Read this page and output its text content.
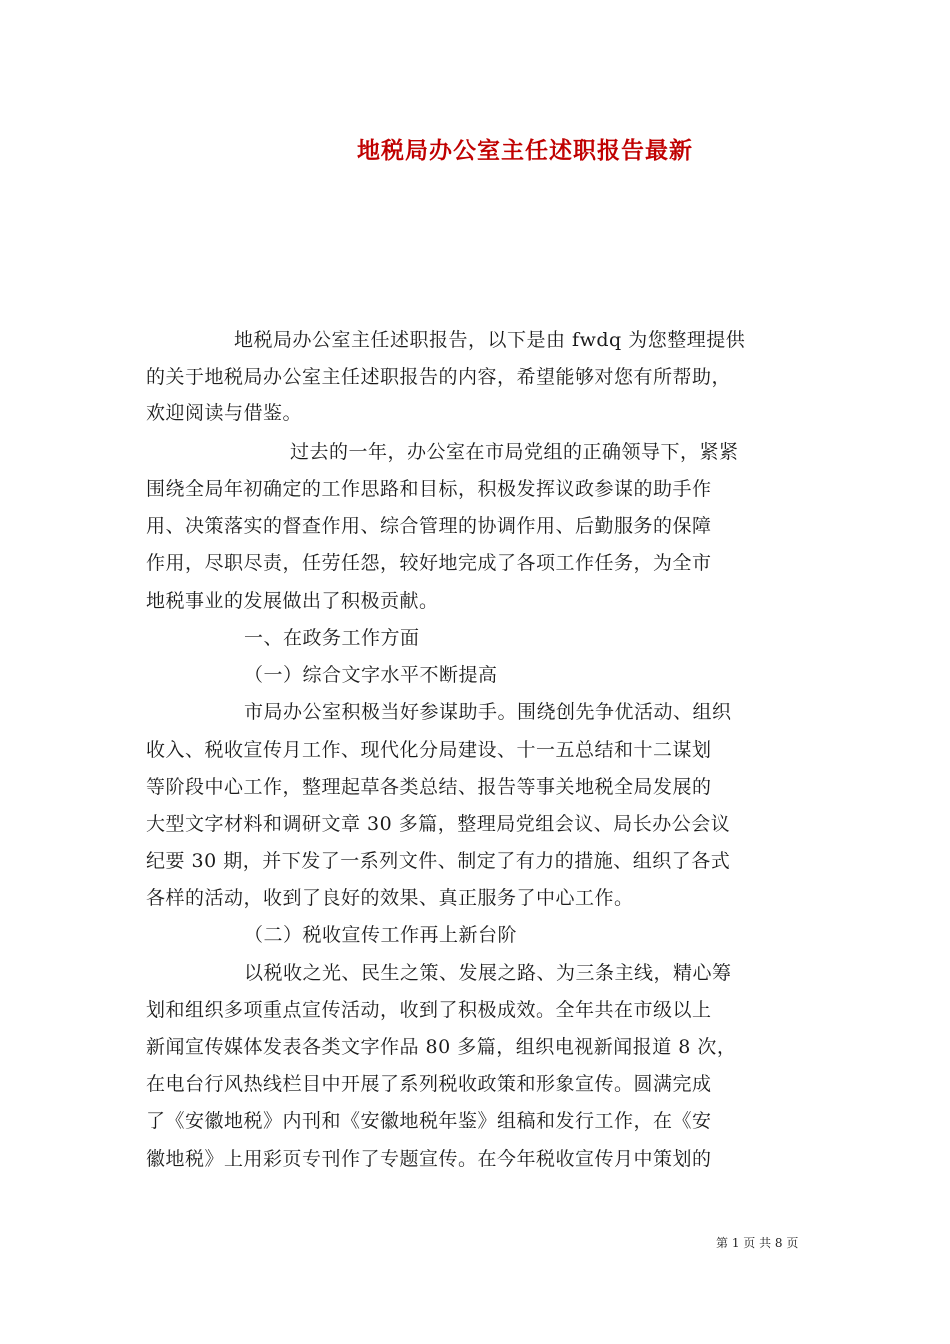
地税局办公室主任述职报告最新
地税局办公室主任述职报告，以下是由 fwdq 为您整理提供
的关于地税局办公室主任述职报告的内容，希望能够对您有所帮助，
欢迎阅读与借鉴。
过去的一年，办公室在市局党组的正确领导下，紧紧
围绕全局年初确定的工作思路和目标，积极发挥议政参谋的助手作
用、决策落实的督查作用、综合管理的协调作用、后勤服务的保障
作用，尽职尽责，任劳任怨，较好地完成了各项工作任务，为全市
地税事业的发展做出了积极贡献。
一、在政务工作方面
（一）综合文字水平不断提高
市局办公室积极当好参谋助手。围绕创先争优活动、组织
收入、税收宣传月工作、现代化分局建设、十一五总结和十二谋划
等阶段中心工作，整理起草各类总结、报告等事关地税全局发展的
大型文字材料和调研文章 30 多篇，整理局党组会议、局长办公会议
纪要 30 期，并下发了一系列文件、制定了有力的措施、组织了各式
各样的活动，收到了良好的效果、真正服务了中心工作。
（二）税收宣传工作再上新台阶
以税收之光、民生之策、发展之路、为三条主线，精心筹
划和组织多项重点宣传活动，收到了积极成效。全年共在市级以上
新闻宣传媒体发表各类文字作品 80 多篇，组织电视新闻报道 8 次，
在电台行风热线栏目中开展了系列税收政策和形象宣传。圆满完成
了《安徽地税》内刊和《安徽地税年鉴》组稿和发行工作，在《安
徽地税》上用彩页专刊作了专题宣传。在今年税收宣传月中策划的
第 1 页 共 8 页
